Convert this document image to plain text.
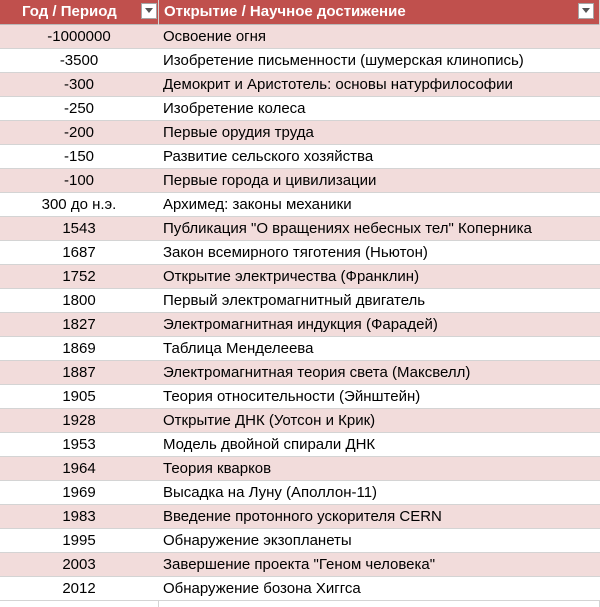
Год / Период	Открытие / Научное достижение
-1000000	Освоение огня
-3500	Изобретение письменности (шумерская клинопись)
-300	Демокрит и Аристотель: основы натурфилософии
-250	Изобретение колеса
-200	Первые орудия труда
-150	Развитие сельского хозяйства
-100	Первые города и цивилизации
300 до н.э.	Архимед: законы механики
1543	Публикация "О вращениях небесных тел" Коперника
1687	Закон всемирного тяготения (Ньютон)
1752	Открытие электричества (Франклин)
1800	Первый электромагнитный двигатель
1827	Электромагнитная индукция (Фарадей)
1869	Таблица Менделеева
1887	Электромагнитная теория света (Максвелл)
1905	Теория относительности (Эйнштейн)
1928	Открытие ДНК (Уотсон и Крик)
1953	Модель двойной спирали ДНК
1964	Теория кварков
1969	Высадка на Луну (Аполлон-11)
1983	Введение протонного ускорителя CERN
1995	Обнаружение экзопланеты
2003	Завершение проекта "Геном человека"
2012	Обнаружение бозона Хиггса
